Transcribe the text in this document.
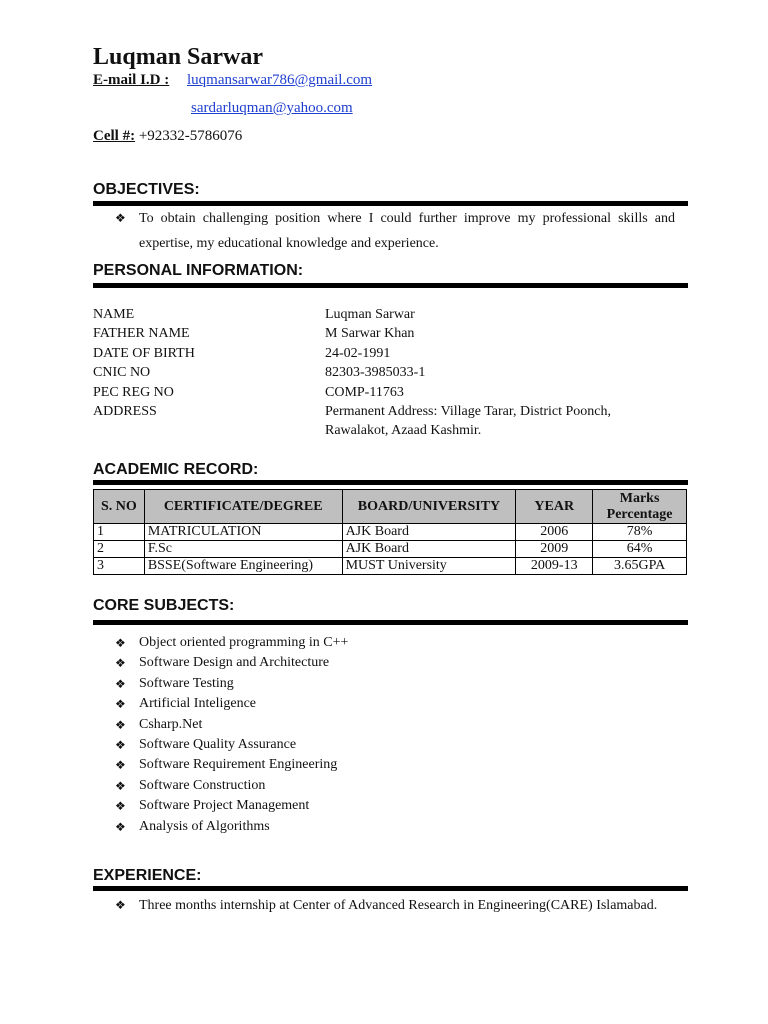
Luqman Sarwar
E-mail I.D : luqmansarwar786@gmail.com
sardarluqman@yahoo.com
Cell #: +92332-5786076
OBJECTIVES:
❖ To obtain challenging position where I could further improve my professional skills and expertise, my educational knowledge and experience.
PERSONAL INFORMATION:
NAME	Luqman Sarwar
FATHER NAME	M Sarwar Khan
DATE OF BIRTH	24-02-1991
CNIC NO	82303-3985033-1
PEC REG NO	COMP-11763
ADDRESS	Permanent Address: Village Tarar, District Poonch,
Rawalakot, Azaad Kashmir.
ACADEMIC RECORD:
S. NO	CERTIFICATE/DEGREE	BOARD/UNIVERSITY	YEAR	Marks Percentage
1	MATRICULATION	AJK Board	2006	78%
2	F.Sc	AJK Board	2009	64%
3	BSSE(Software Engineering)	MUST University	2009-13	3.65GPA
CORE SUBJECTS:
❖ Object oriented programming in C++
❖ Software Design and Architecture
❖ Software Testing
❖ Artificial Inteligence
❖ Csharp.Net
❖ Software Quality Assurance
❖ Software Requirement Engineering
❖ Software Construction
❖ Software Project Management
❖ Analysis of Algorithms
EXPERIENCE:
❖ Three months internship at Center of Advanced Research in Engineering(CARE) Islamabad.
